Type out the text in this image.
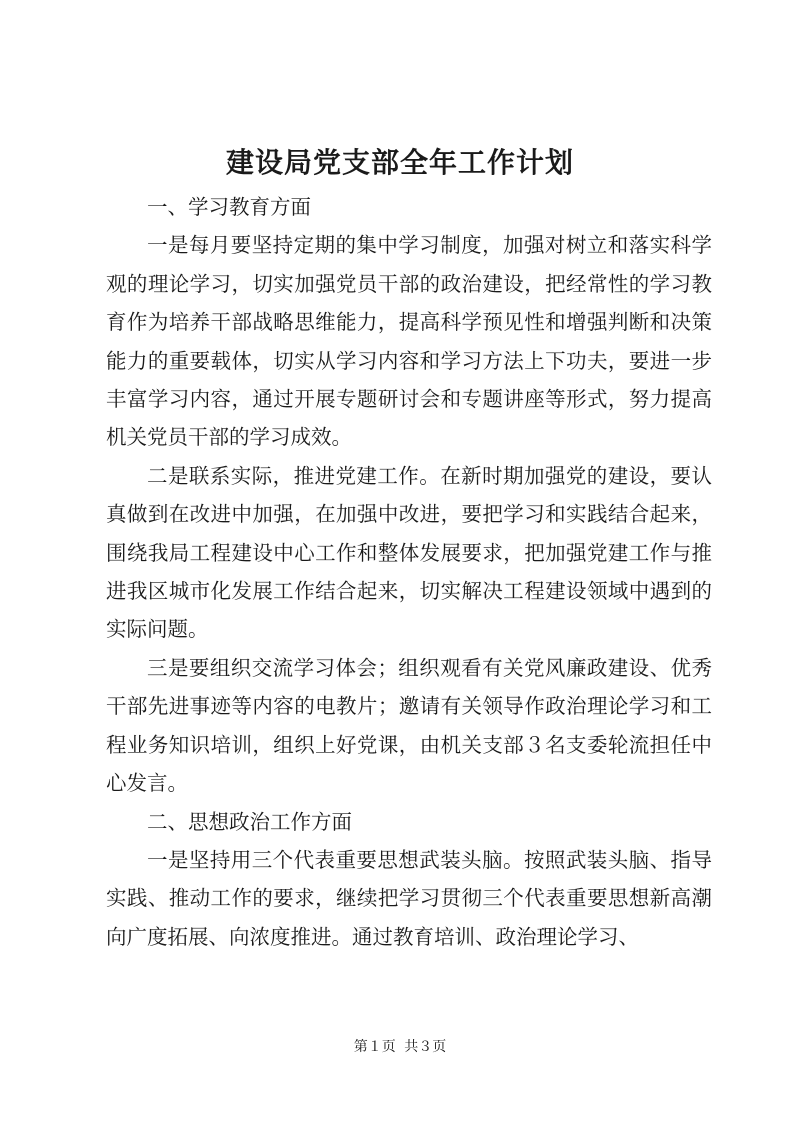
建设局党支部全年工作计划

一、学习教育方面

一是每月要坚持定期的集中学习制度，加强对树立和落实科学观的理论学习，切实加强党员干部的政治建设，把经常性的学习教育作为培养干部战略思维能力，提高科学预见性和增强判断和决策能力的重要载体，切实从学习内容和学习方法上下功夫，要进一步丰富学习内容，通过开展专题研讨会和专题讲座等形式，努力提高机关党员干部的学习成效。

二是联系实际，推进党建工作。在新时期加强党的建设，要认真做到在改进中加强，在加强中改进，要把学习和实践结合起来，围绕我局工程建设中心工作和整体发展要求，把加强党建工作与推进我区城市化发展工作结合起来，切实解决工程建设领域中遇到的实际问题。

三是要组织交流学习体会；组织观看有关党风廉政建设、优秀干部先进事迹等内容的电教片；邀请有关领导作政治理论学习和工程业务知识培训，组织上好党课，由机关支部３名支委轮流担任中心发言。

二、思想政治工作方面

一是坚持用三个代表重要思想武装头脑。按照武装头脑、指导实践、推动工作的要求，继续把学习贯彻三个代表重要思想新高潮向广度拓展、向浓度推进。通过教育培训、政治理论学习、

第１页 共３页
